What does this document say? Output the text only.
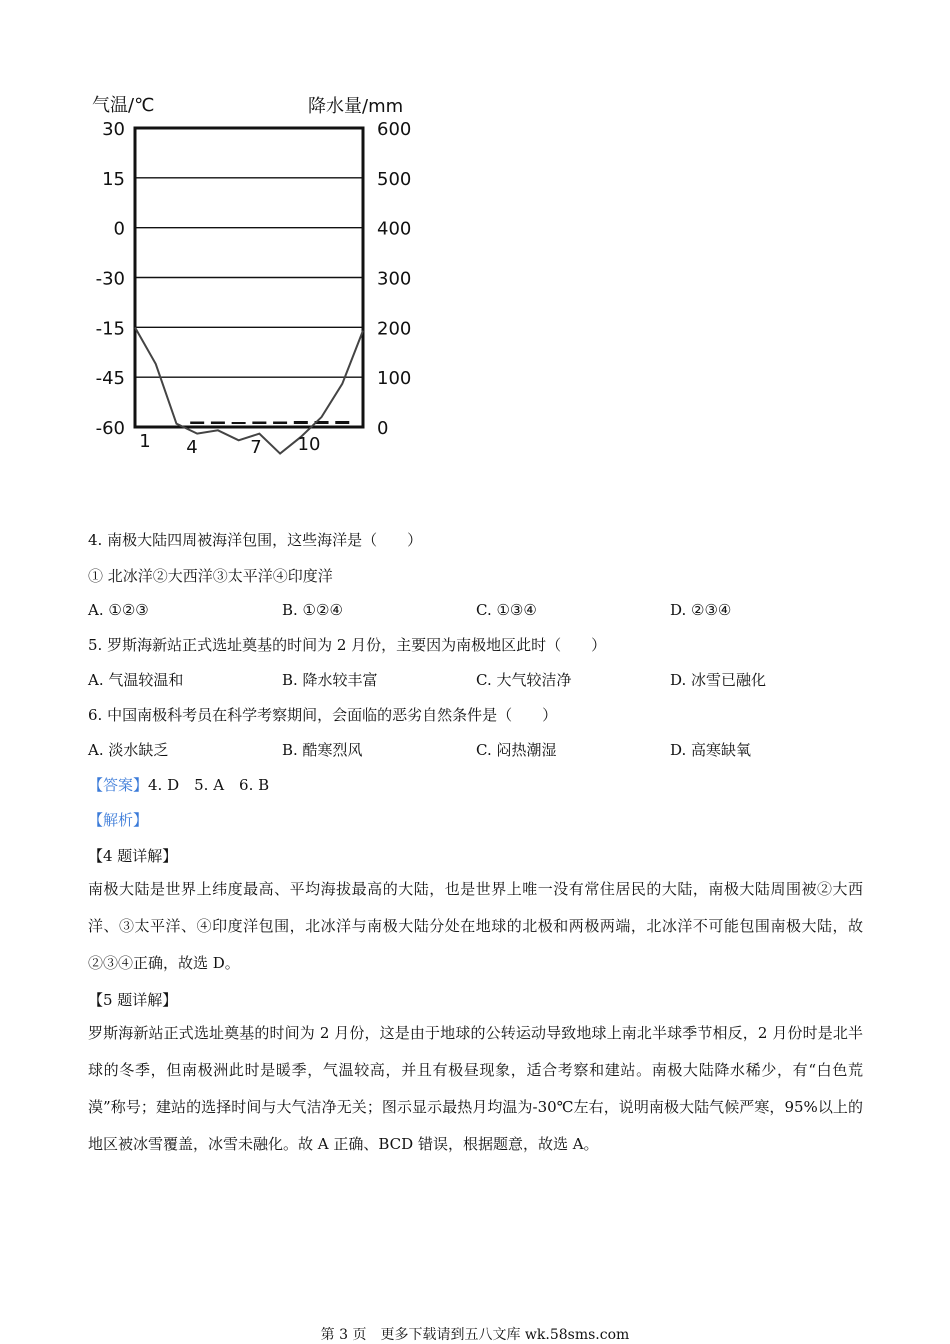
气温/℃	降水量/mm
30	600
15	500
0	400
-30	300
-15	200
-45	100
-60	0
1 4	7 10
4. 南极大陆四周被海洋包围，这些海洋是（　　）
① 北冰洋②大西洋③太平洋④印度洋
A. ①②③	B. ①②④	C. ①③④	D. ②③④
5. 罗斯海新站正式选址奠基的时间为 2 月份，主要因为南极地区此时（　　）
A. 气温较温和	B. 降水较丰富	C. 大气较洁净	D. 冰雪已融化
6. 中国南极科考员在科学考察期间，会面临的恶劣自然条件是（　　）
A. 淡水缺乏	B. 酷寒烈风	C. 闷热潮湿	D. 高寒缺氧
【答案】4. D　5. A　6. B
【解析】
【4 题详解】
南极大陆是世界上纬度最高、平均海拔最高的大陆，也是世界上唯一没有常住居民的大陆，南极大陆周围被②大西洋、③太平洋、④印度洋包围，北冰洋与南极大陆分处在地球的北极和两极两端，北冰洋不可能包围南极大陆，故②③④正确，故选 D。
【5 题详解】
罗斯海新站正式选址奠基的时间为 2 月份，这是由于地球的公转运动导致地球上南北半球季节相反，2 月份时是北半球的冬季，但南极洲此时是暖季，气温较高，并且有极昼现象，适合考察和建站。南极大陆降水稀少，有“白色荒漠”称号；建站的选择时间与大气洁净无关；图示显示最热月均温为-30℃左右，说明南极大陆气候严寒，95%以上的地区被冰雪覆盖，冰雪未融化。故 A 正确、BCD 错误，根据题意，故选 A。
第 3 页　更多下载请到五八文库 wk.58sms.com
